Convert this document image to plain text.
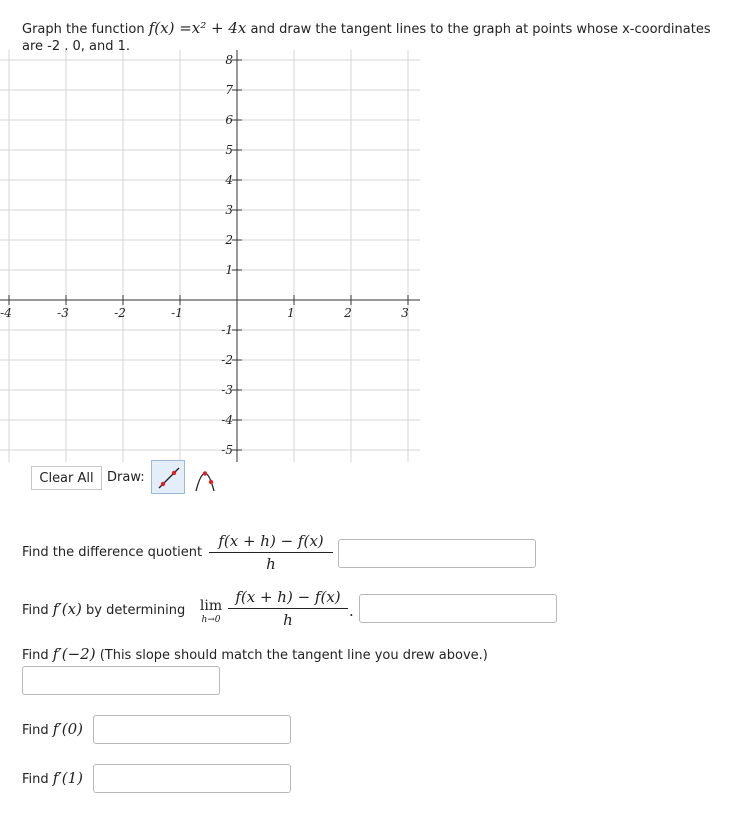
Graph the function f(x) =x² + 4x and draw the tangent lines to the graph at points whose x-coordinates
are -2 , 0, and 1.
-4	-3	-2	-1	1	2	3
8
7
6
5
4
3
2
1
-1
-2
-3
-4
-5
Clear All	Draw:
Find the difference quotient
f(x + h) − f(x)
h
Find f′(x) by determining lim
h→0
f(x + h) − f(x)
h	.
Find f′(−2) (This slope should match the tangent line you drew above.)
Find f′(0)
Find f′(1)
